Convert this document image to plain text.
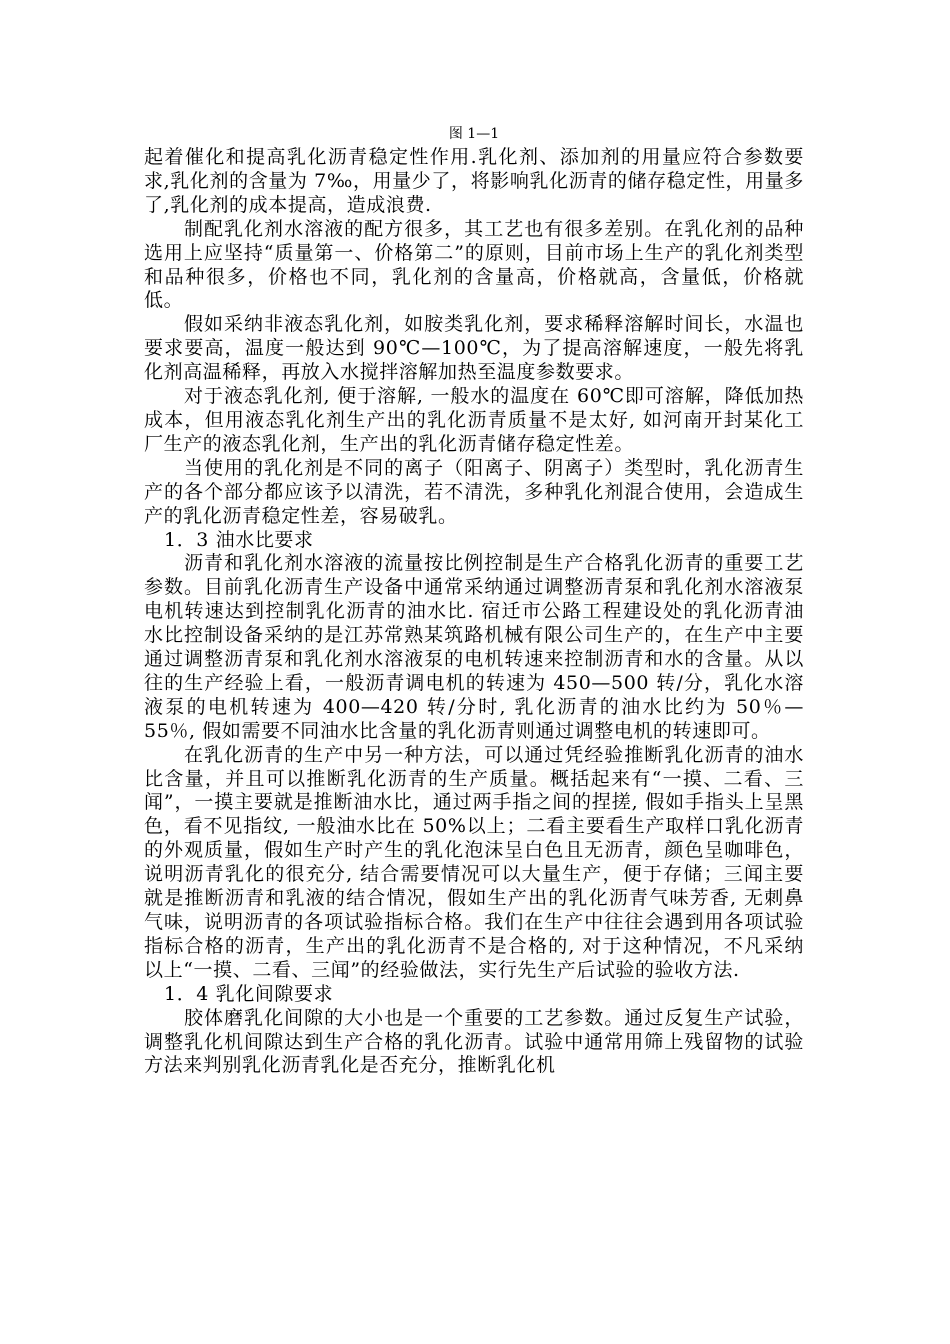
图 1—1

起着催化和提高乳化沥青稳定性作用.乳化剂、添加剂的用量应符合参数要求,乳化剂的含量为 7‰，用量少了，将影响乳化沥青的储存稳定性，用量多了,乳化剂的成本提高，造成浪费.

制配乳化剂水溶液的配方很多，其工艺也有很多差别。在乳化剂的品种选用上应坚持“质量第一、价格第二”的原则，目前市场上生产的乳化剂类型和品种很多，价格也不同，乳化剂的含量高，价格就高，含量低，价格就低。

假如采纳非液态乳化剂，如胺类乳化剂，要求稀释溶解时间长，水温也要求要高，温度一般达到 90℃—100℃，为了提高溶解速度，一般先将乳化剂高温稀释，再放入水搅拌溶解加热至温度参数要求。

对于液态乳化剂, 便于溶解, 一般水的温度在 60℃即可溶解，降低加热成本，但用液态乳化剂生产出的乳化沥青质量不是太好, 如河南开封某化工厂生产的液态乳化剂，生产出的乳化沥青储存稳定性差。

当使用的乳化剂是不同的离子（阳离子、阴离子）类型时，乳化沥青生产的各个部分都应该予以清洗，若不清洗，多种乳化剂混合使用，会造成生产的乳化沥青稳定性差，容易破乳。

1．3 油水比要求

沥青和乳化剂水溶液的流量按比例控制是生产合格乳化沥青的重要工艺参数。目前乳化沥青生产设备中通常采纳通过调整沥青泵和乳化剂水溶液泵电机转速达到控制乳化沥青的油水比. 宿迁市公路工程建设处的乳化沥青油水比控制设备采纳的是江苏常熟某筑路机械有限公司生产的，在生产中主要通过调整沥青泵和乳化剂水溶液泵的电机转速来控制沥青和水的含量。从以往的生产经验上看，一般沥青调电机的转速为 450—500 转/分，乳化水溶液泵的电机转速为 400—420 转/分时, 乳化沥青的油水比约为 50％—55％, 假如需要不同油水比含量的乳化沥青则通过调整电机的转速即可。

在乳化沥青的生产中另一种方法，可以通过凭经验推断乳化沥青的油水比含量，并且可以推断乳化沥青的生产质量。概括起来有“一摸、二看、三闻”，一摸主要就是推断油水比，通过两手指之间的捏搓, 假如手指头上呈黑色，看不见指纹, 一般油水比在 50%以上；二看主要看生产取样口乳化沥青的外观质量，假如生产时产生的乳化泡沫呈白色且无沥青，颜色呈咖啡色，说明沥青乳化的很充分, 结合需要情况可以大量生产，便于存储；三闻主要就是推断沥青和乳液的结合情况，假如生产出的乳化沥青气味芳香, 无刺鼻气味，说明沥青的各项试验指标合格。我们在生产中往往会遇到用各项试验指标合格的沥青，生产出的乳化沥青不是合格的, 对于这种情况，不凡采纳以上“一摸、二看、三闻”的经验做法，实行先生产后试验的验收方法.

1．4 乳化间隙要求

胶体磨乳化间隙的大小也是一个重要的工艺参数。通过反复生产试验，调整乳化机间隙达到生产合格的乳化沥青。试验中通常用筛上残留物的试验方法来判别乳化沥青乳化是否充分，推断乳化机
